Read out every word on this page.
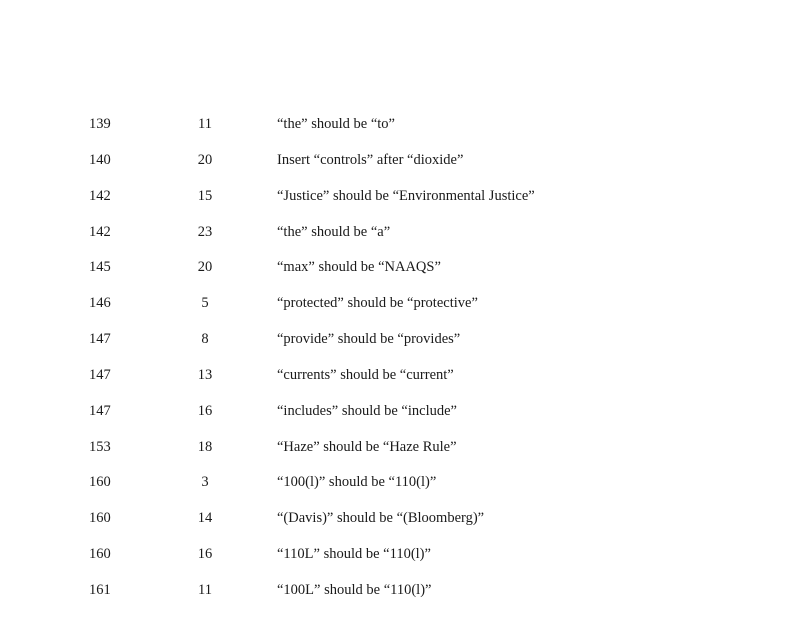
139	11	“the” should be “to”
140	20	Insert “controls” after “dioxide”
142	15	“Justice” should be “Environmental Justice”
142	23	“the” should be “a”
145	20	“max” should be “NAAQS”
146	5	“protected” should be “protective”
147	8	“provide” should be “provides”
147	13	“currents” should be “current”
147	16	“includes” should be “include”
153	18	“Haze” should be “Haze Rule”
160	3	“100(l)” should be “110(l)”
160	14	“(Davis)” should be “(Bloomberg)”
160	16	“110L” should be “110(l)”
161	11	“100L” should be “110(l)”
